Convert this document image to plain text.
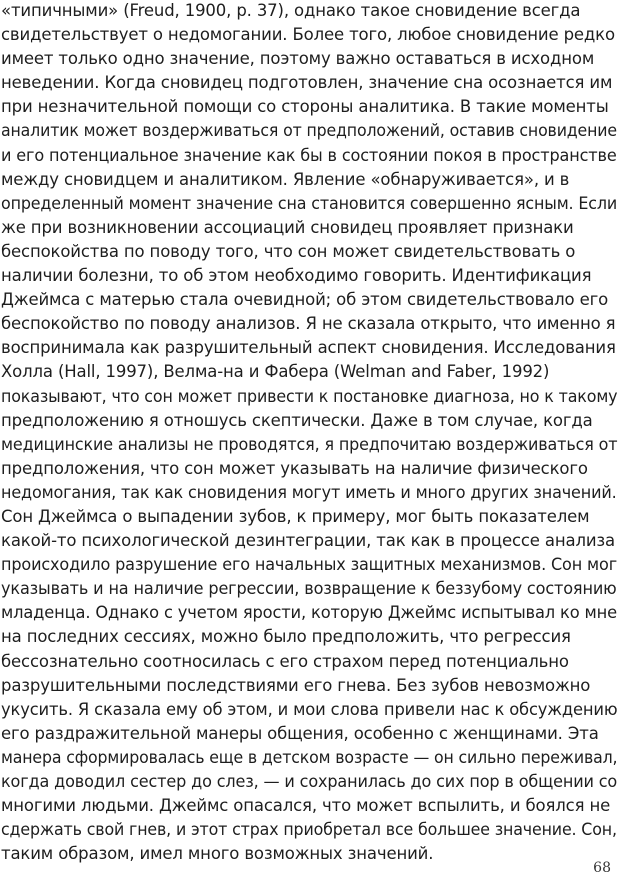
«типичными» (Freud, 1900, p. 37), однако такое сновидение всегда
свидетельствует о недомогании. Более того, любое сновидение редко
имеет только одно значение, поэтому важно оставаться в исходном
неведении. Когда сновидец подготовлен, значение сна осознается им
при незначительной помощи со стороны аналитика. В такие моменты
аналитик может воздерживаться от предположений, оставив сновидение
и его потенциальное значение как бы в состоянии покоя в пространстве
между сновидцем и аналитиком. Явление «обнаруживается», и в
определенный момент значение сна становится совершенно ясным. Если
же при возникновении ассоциаций сновидец проявляет признаки
беспокойства по поводу того, что сон может свидетельствовать о
наличии болезни, то об этом необходимо говорить. Идентификация
Джеймса с матерью стала очевидной; об этом свидетельствовало его
беспокойство по поводу анализов. Я не сказала открыто, что именно я
воспринимала как разрушительный аспект сновидения. Исследования
Холла (Hall, 1997), Велма-на и Фабера (Welman and Faber, 1992)
показывают, что сон может привести к постановке диагноза, но к такому
предположению я отношусь скептически. Даже в том случае, когда
медицинские анализы не проводятся, я предпочитаю воздерживаться от
предположения, что сон может указывать на наличие физического
недомогания, так как сновидения могут иметь и много других значений.
Сон Джеймса о выпадении зубов, к примеру, мог быть показателем
какой-то психологической дезинтеграции, так как в процессе анализа
происходило разрушение его начальных защитных механизмов. Сон мог
указывать и на наличие регрессии, возвращение к беззубому состоянию
младенца. Однако с учетом ярости, которую Джеймс испытывал ко мне
на последних сессиях, можно было предположить, что регрессия
бессознательно соотносилась с его страхом перед потенциально
разрушительными последствиями его гнева. Без зубов невозможно
укусить. Я сказала ему об этом, и мои слова привели нас к обсуждению
его раздражительной манеры общения, особенно с женщинами. Эта
манера сформировалась еще в детском возрасте — он сильно переживал,
когда доводил сестер до слез, — и сохранилась до сих пор в общении со
многими людьми. Джеймс опасался, что может вспылить, и боялся не
сдержать свой гнев, и этот страх приобретал все большее значение. Сон,
таким образом, имел много возможных значений.
68
